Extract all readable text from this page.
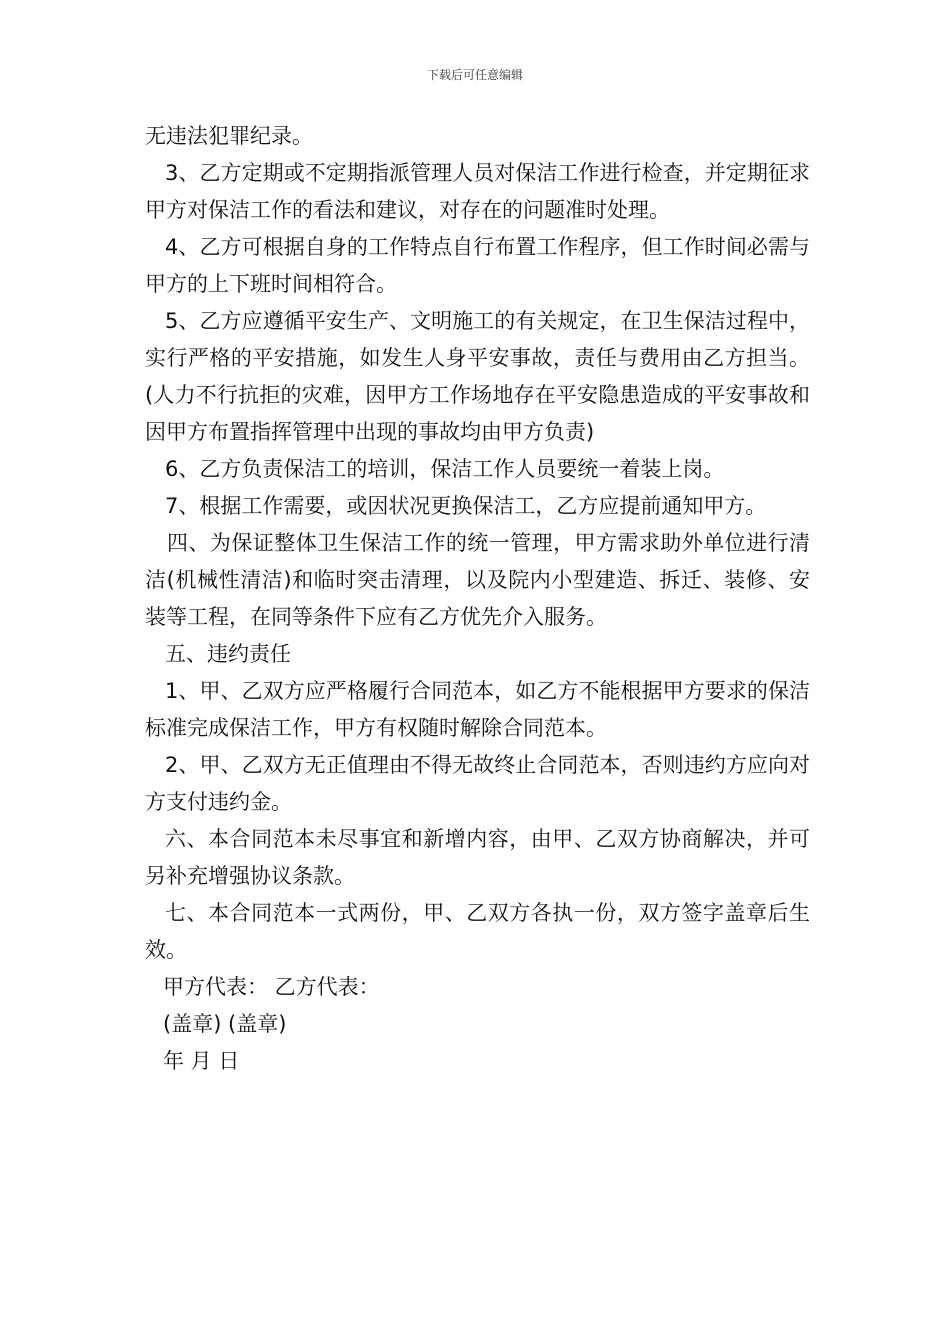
下载后可任意编辑

无违法犯罪纪录。

3、乙方定期或不定期指派管理人员对保洁工作进行检查，并定期征求甲方对保洁工作的看法和建议，对存在的问题准时处理。

4、乙方可根据自身的工作特点自行布置工作程序，但工作时间必需与甲方的上下班时间相符合。

5、乙方应遵循平安生产、文明施工的有关规定，在卫生保洁过程中，实行严格的平安措施，如发生人身平安事故，责任与费用由乙方担当。(人力不行抗拒的灾难，因甲方工作场地存在平安隐患造成的平安事故和因甲方布置指挥管理中出现的事故均由甲方负责)

6、乙方负责保洁工的培训，保洁工作人员要统一着装上岗。

7、根据工作需要，或因状况更换保洁工，乙方应提前通知甲方。

四、为保证整体卫生保洁工作的统一管理，甲方需求助外单位进行清洁(机械性清洁)和临时突击清理，以及院内小型建造、拆迁、装修、安装等工程，在同等条件下应有乙方优先介入服务。

五、违约责任

1、甲、乙双方应严格履行合同范本，如乙方不能根据甲方要求的保洁标准完成保洁工作，甲方有权随时解除合同范本。

2、甲、乙双方无正值理由不得无故终止合同范本，否则违约方应向对方支付违约金。

六、本合同范本未尽事宜和新增内容，由甲、乙双方协商解决，并可另补充增强协议条款。

七、本合同范本一式两份，甲、乙双方各执一份，双方签字盖章后生效。

甲方代表： 乙方代表：

(盖章) (盖章)

年 月 日
